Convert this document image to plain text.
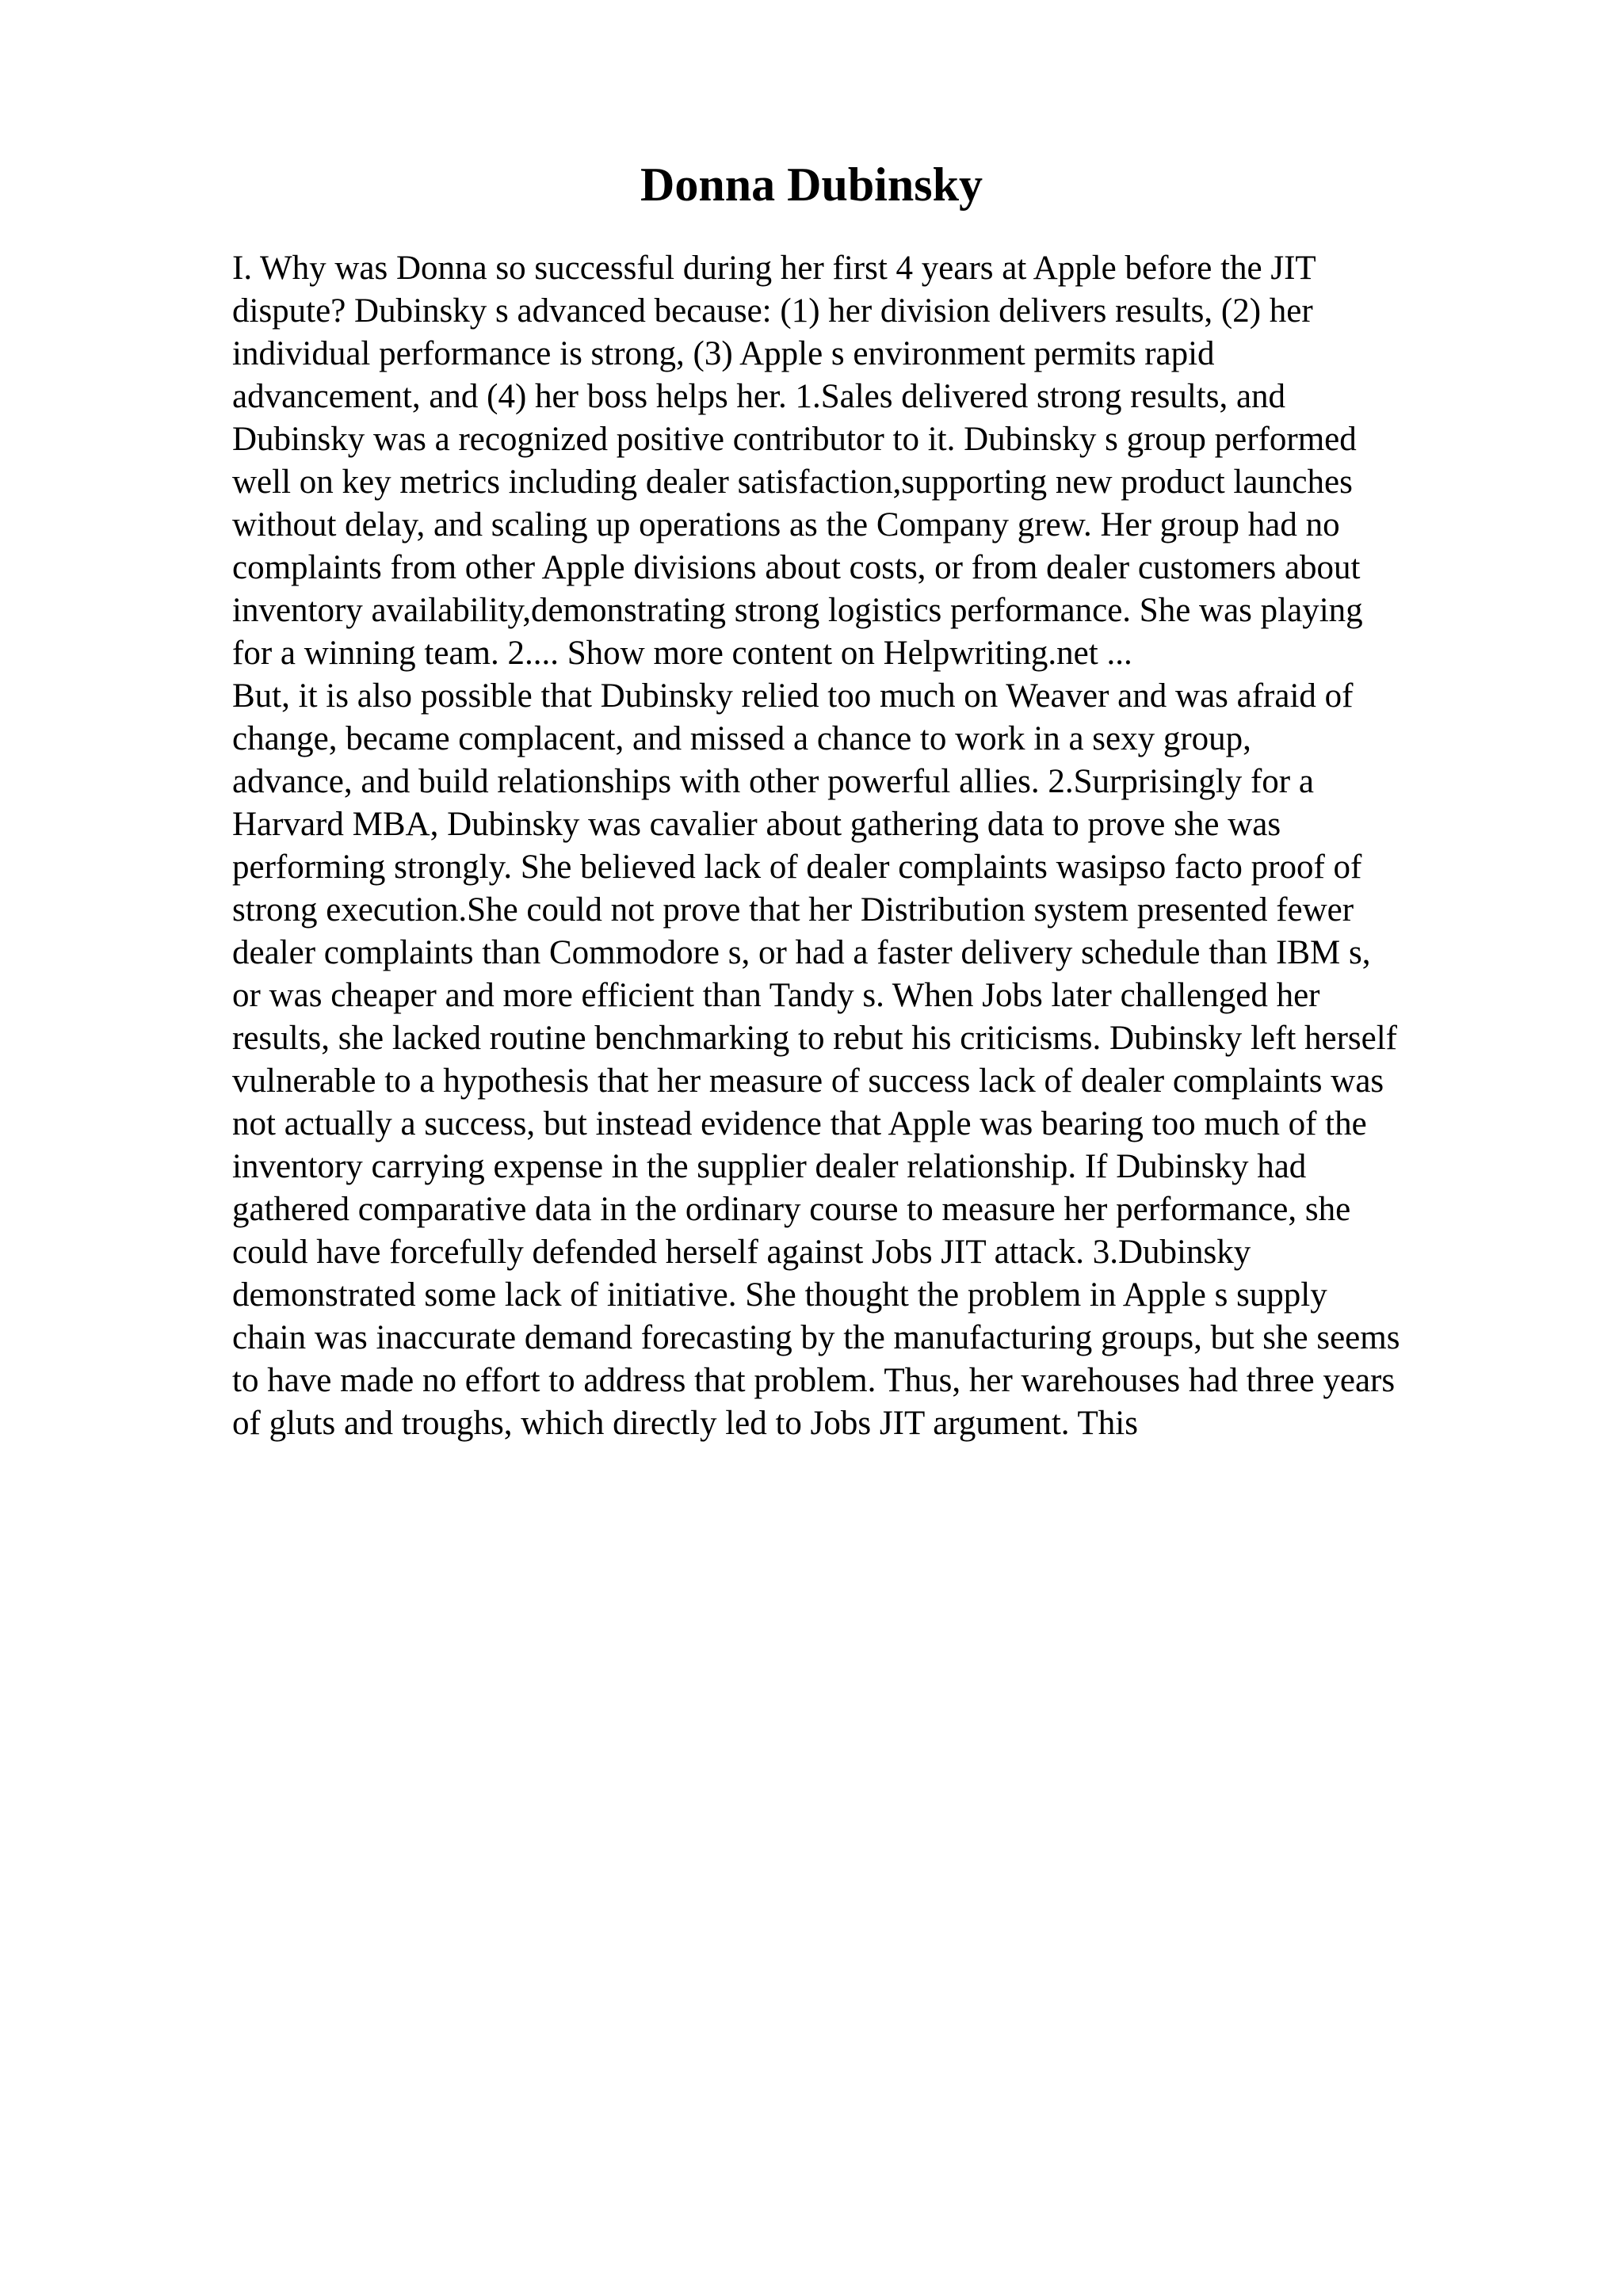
Donna Dubinsky
I. Why was Donna so successful during her first 4 years at Apple before the JIT
dispute? Dubinsky s advanced because: (1) her division delivers results, (2) her
individual performance is strong, (3) Apple s environment permits rapid
advancement, and (4) her boss helps her. 1.Sales delivered strong results, and
Dubinsky was a recognized positive contributor to it. Dubinsky s group performed
well on key metrics including dealer satisfaction,supporting new product launches
without delay, and scaling up operations as the Company grew. Her group had no
complaints from other Apple divisions about costs, or from dealer customers about
inventory availability,demonstrating strong logistics performance. She was playing
for a winning team. 2.... Show more content on Helpwriting.net ...
But, it is also possible that Dubinsky relied too much on Weaver and was afraid of
change, became complacent, and missed a chance to work in a sexy group,
advance, and build relationships with other powerful allies. 2.Surprisingly for a
Harvard MBA, Dubinsky was cavalier about gathering data to prove she was
performing strongly. She believed lack of dealer complaints wasipso facto proof of
strong execution.She could not prove that her Distribution system presented fewer
dealer complaints than Commodore s, or had a faster delivery schedule than IBM s,
or was cheaper and more efficient than Tandy s. When Jobs later challenged her
results, she lacked routine benchmarking to rebut his criticisms. Dubinsky left herself
vulnerable to a hypothesis that her measure of success lack of dealer complaints was
not actually a success, but instead evidence that Apple was bearing too much of the
inventory carrying expense in the supplier dealer relationship. If Dubinsky had
gathered comparative data in the ordinary course to measure her performance, she
could have forcefully defended herself against Jobs JIT attack. 3.Dubinsky
demonstrated some lack of initiative. She thought the problem in Apple s supply
chain was inaccurate demand forecasting by the manufacturing groups, but she seems
to have made no effort to address that problem. Thus, her warehouses had three years
of gluts and troughs, which directly led to Jobs JIT argument. This
